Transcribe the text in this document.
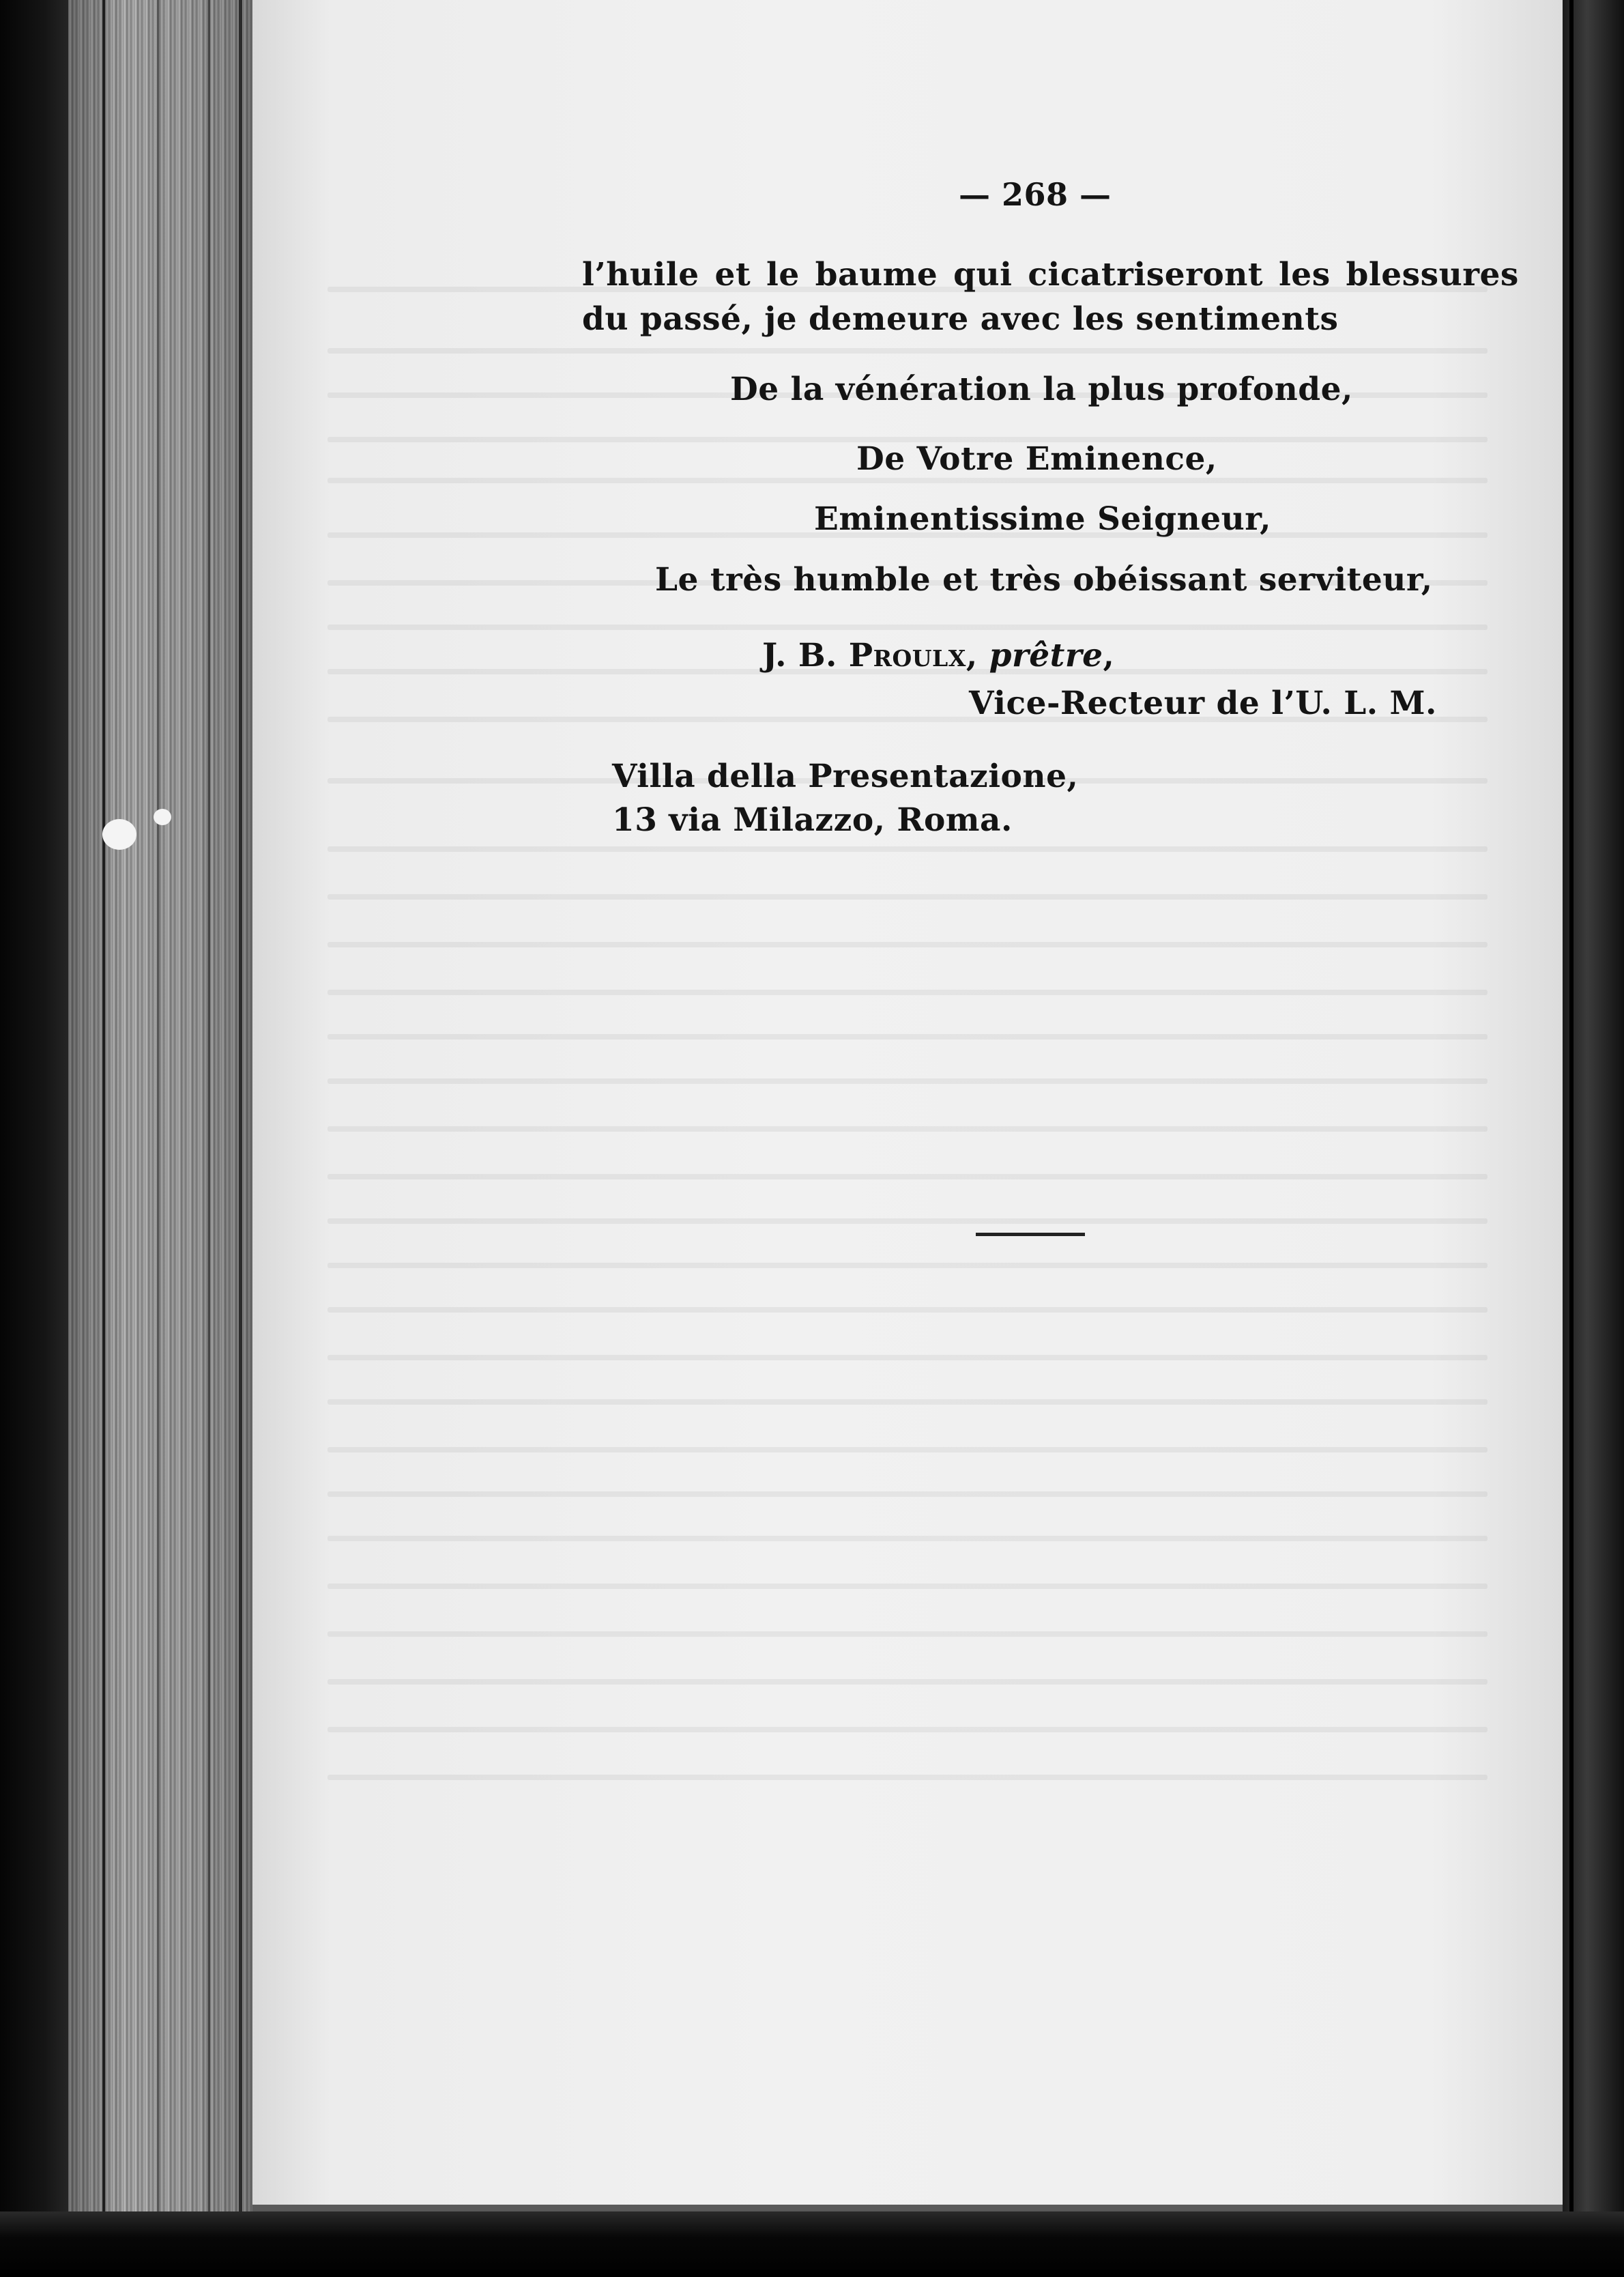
— 268 —
l’huile et le baume qui cicatriseront les blessures
du passé, je demeure avec les sentiments
De la vénération la plus profonde,
De Votre Eminence,
Eminentissime Seigneur,
Le très humble et très obéissant serviteur,
J. B. Proulx, prêtre,
Vice-Recteur de l’U. L. M.
Villa della Presentazione,
13 via Milazzo, Roma.
